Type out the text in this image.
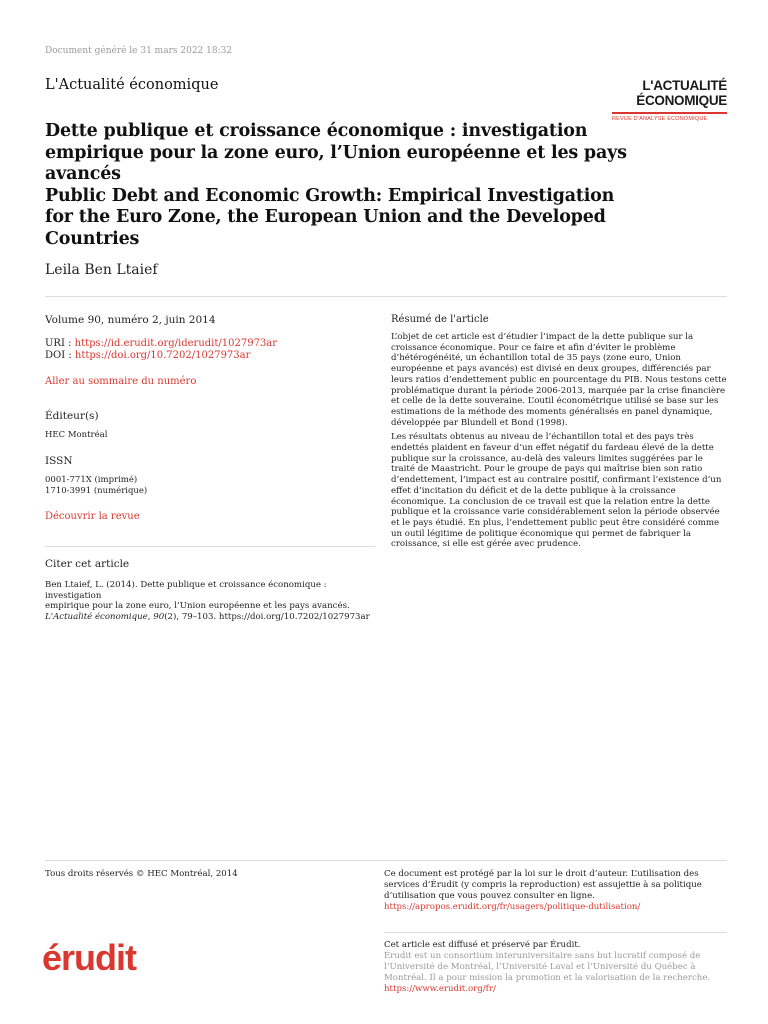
Document généré le 31 mars 2022 18:32
L'Actualité économique	L'ACTUALITÉ
ÉCONOMIQUE
REVUE D'ANALYSE ÉCONOMIQUE
Dette publique et croissance économique : investigation empirique pour la zone euro, l’Union européenne et les pays avancés
Public Debt and Economic Growth: Empirical Investigation for the Euro Zone, the European Union and the Developed Countries
Leila Ben Ltaief
Volume 90, numéro 2, juin 2014
URI : https://id.erudit.org/iderudit/1027973ar
DOI : https://doi.org/10.7202/1027973ar
Aller au sommaire du numéro
Éditeur(s)
HEC Montréal
ISSN
0001-771X (imprimé)
1710-3991 (numérique)
Découvrir la revue
Citer cet article
Ben Ltaief, L. (2014). Dette publique et croissance économique : investigation
empirique pour la zone euro, l’Union européenne et les pays avancés.
L'Actualité économique, 90(2), 79–103. https://doi.org/10.7202/1027973ar
Résumé de l'article

L’objet de cet article est d’étudier l’impact de la dette publique sur la croissance économique. Pour ce faire et afin d’éviter le problème d’hétérogénéité, un échantillon total de 35 pays (zone euro, Union européenne et pays avancés) est divisé en deux groupes, différenciés par leurs ratios d’endettement public en pourcentage du PIB. Nous testons cette problématique durant la période 2006-2013, marquée par la crise financière et celle de la dette souveraine. L’outil économétrique utilisé se base sur les estimations de la méthode des moments généralisés en panel dynamique, développée par Blundell et Bond (1998).

Les résultats obtenus au niveau de l’échantillon total et des pays très endettés plaident en faveur d’un effet négatif du fardeau élevé de la dette publique sur la croissance, au-delà des valeurs limites suggérées par le traité de Maastricht. Pour le groupe de pays qui maîtrise bien son ratio d’endettement, l’impact est au contraire positif, confirmant l’existence d’un effet d’incitation du déficit et de la dette publique à la croissance économique. La conclusion de ce travail est que la relation entre la dette publique et la croissance varie considérablement selon la période observée et le pays étudié. En plus, l’endettement public peut être considéré comme un outil légitime de politique économique qui permet de fabriquer la croissance, si elle est gérée avec prudence.

Tous droits réservés © HEC Montréal, 2014	Ce document est protégé par la loi sur le droit d’auteur. L’utilisation des services d’Érudit (y compris la reproduction) est assujettie à sa politique d’utilisation que vous pouvez consulter en ligne.
https://apropos.erudit.org/fr/usagers/politique-dutilisation/
érudit	Cet article est diffusé et préservé par Érudit.
Érudit est un consortium interuniversitaire sans but lucratif composé de l’Université de Montréal, l’Université Laval et l’Université du Québec à Montréal. Il a pour mission la promotion et la valorisation de la recherche.
https://www.erudit.org/fr/
